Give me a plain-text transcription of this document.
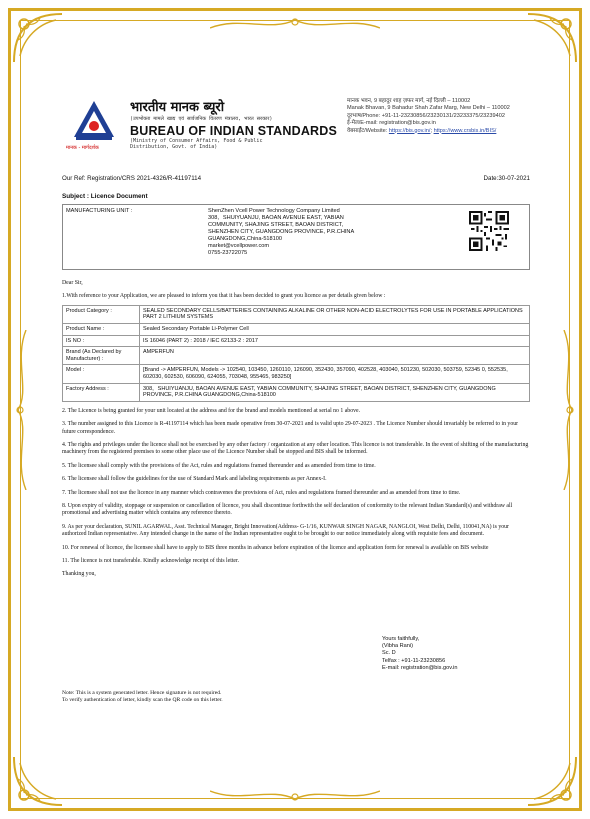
मानक - मार्गदर्शक
भारतीय मानक ब्यूरो
(उपभोक्ता मामले खाद्य एवं सार्वजनिक वितरण मंत्रालय, भारत सरकार)
BUREAU OF INDIAN STANDARDS
(Ministry of Consumer Affairs, Food & Public Distribution, Govt. of India)
मानक भवन, 9 बहादुर शाह ज़फर मार्ग, नई दिल्ली – 110002
Manak Bhavan, 9 Bahadur Shah Zafar Marg, New Delhi – 110002
दूरभाष/Phone: +91-11-23230856/23230131/23233375/23239402
ई-मेल/E-mail: registration@bis.gov.in
वेबसाईट/Website: https://bis.gov.in/; https://www.crsbis.in/BIS/
Our Ref: Registration/CRS 2021-4326/R-41197114	Date:30-07-2021
Subject : Licence Document
MANUFACTURING UNIT :	ShenZhen Vcell Power Technology Company Limited
308，SHUIYUANJU, BAOAN AVENUE EAST, YABIAN
COMMUNITY, SHAJING STREET, BAOAN DISTRICT,
SHENZHEN CITY, GUANGDONG PROVINCE, P.R.CHINA
GUANGDONG,China-518100
market@vcellpower.com
0755-23722075
Dear Sir,
1.With reference to your Application, we are pleased to inform you that it has been decided to grant you licence as per details given below :
Product Category :	SEALED SECONDARY CELLS/BATTERIES CONTAINING ALKALINE OR OTHER NON-ACID ELECTROLYTES FOR USE IN PORTABLE APPLICATIONS PART 2 LITHIUM SYSTEMS
Product Name :	Sealed Secondary Portable Li-Polymer Cell
IS NO :	IS 16046 (PART 2) : 2018 / IEC 62133-2 : 2017
Brand (As Declared by Manufacturer) :	AMPERFUN
Model :	[Brand -> AMPERFUN, Models -> 102540, 103450, 1260110, 126090, 352430, 357090, 402528, 403040, 501230, 502030, 503759, 52345 0, 552535, 602030, 602530, 606090, 624055, 703048, 955465, 983250]
Factory Address :	308，SHUIYUANJU, BAOAN AVENUE EAST, YABIAN COMMUNITY, SHAJING STREET, BAOAN DISTRICT, SHENZHEN CITY, GUANGDONG PROVINCE, P.R.CHINA GUANGDONG,China-518100
2. The Licence is being granted for your unit located at the address and for the brand and models mentioned at serial no 1 above.
3. The number assigned to this Licence is R-41197114 which has been made operative from 30-07-2021 and is valid upto 29-07-2023 . The Licence Number should invariably be referred to in your future correspondence.
4. The rights and privileges under the licence shall not be exercised by any other factory / organization at any other location. This licence is not transferable. In the event of shifting of the manufacturing machinery from the registered premises to some other place use of the Licence Number shall be stopped and BIS shall be informed.
5. The licensee shall comply with the provisions of the Act, rules and regulations framed thereunder and as amended from time to time.
6. The licensee shall follow the guidelines for the use of Standard Mark and labeling requirements as per Annex-I.
7. The licensee shall not use the licence in any manner which contravenes the provisions of Act, rules and regulations framed thereunder and as amended from time to time.
8. Upon expiry of validity, stoppage or suspension or cancellation of licence, you shall discontinue forthwith the self declaration of conformity to the relevant Indian Standard(s) and withdraw all promotional and advertising matter which contains any reference thereto.
9. As per your declaration, SUNIL AGARWAL, Asst. Technical Manager, Bright Innovation(Address- G-1/16, KUNWAR SINGH NAGAR, NANGLOI, West Delhi, Delhi, 110041,NA) is your authorized Indian representative. Any intended change in the name of the Indian representative ought to be brought to our notice immediately along with requisite fees and document.
10. For renewal of licence, the licensee shall have to apply to BIS three months in advance before expiration of the licence and application form for renewal is available on BIS website
11. The licence is not transferable. Kindly acknowledge receipt of this letter.
Thanking you,
Yours faithfully,
(Vibha Rani)
Sc. D
Telfax : +91-11-23230856
E-mail: registration@bis.gov.in
Note: This is a system generated letter. Hence signature is not required.
To verify authentication of letter, kindly scan the QR code on this letter.
